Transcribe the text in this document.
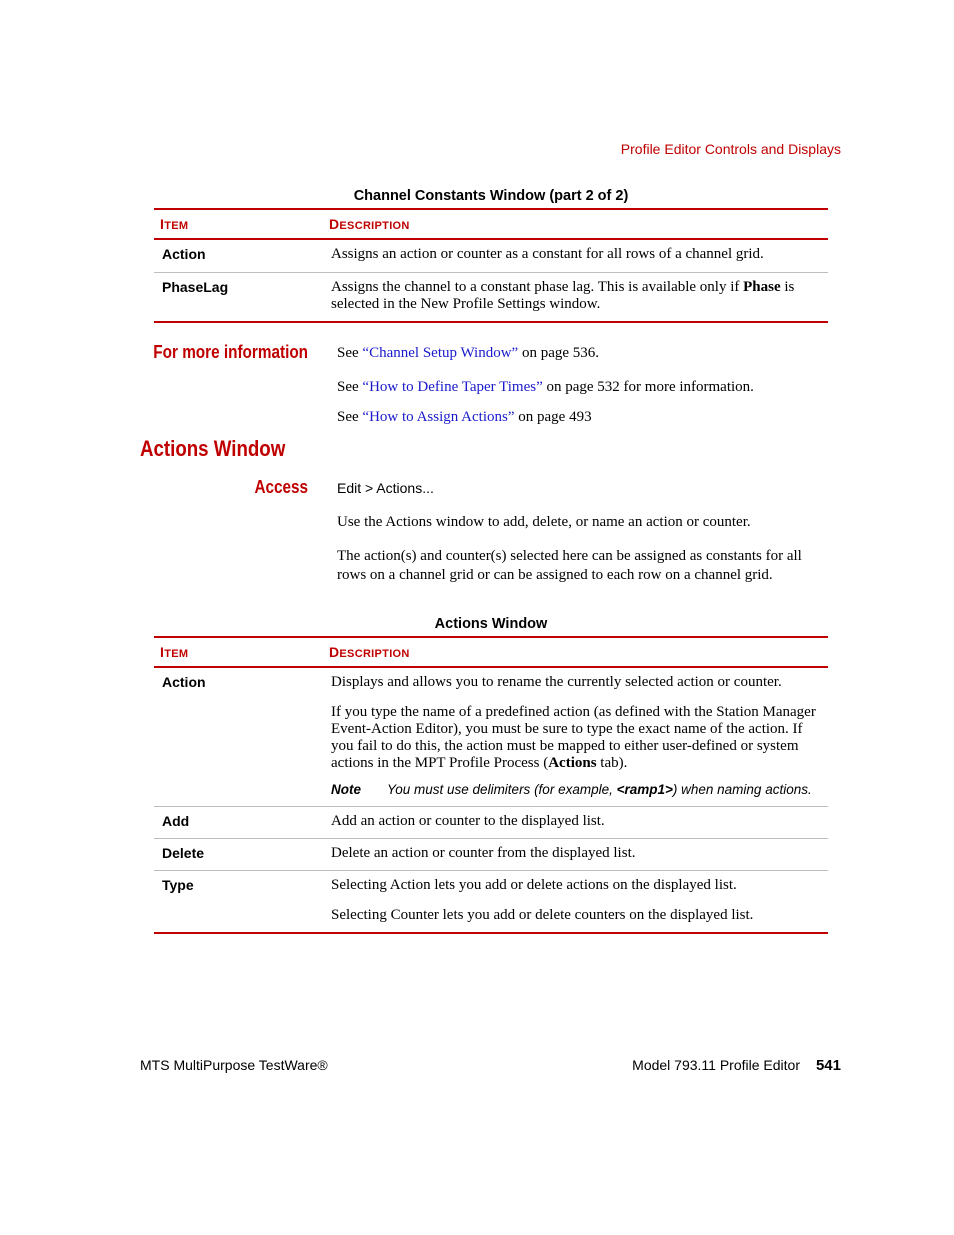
Profile Editor Controls and Displays
Channel Constants Window (part 2 of 2)
ITEM	DESCRIPTION
Action	Assigns an action or counter as a constant for all rows of a channel grid.
PhaseLag	Assigns the channel to a constant phase lag. This is available only if Phase is selected in the New Profile Settings window.
For more information See “Channel Setup Window” on page 536.
See “How to Define Taper Times” on page 532 for more information.
See “How to Assign Actions” on page 493
Actions Window
Access Edit > Actions...
Use the Actions window to add, delete, or name an action or counter.
The action(s) and counter(s) selected here can be assigned as constants for all rows on a channel grid or can be assigned to each row on a channel grid.
Actions Window
ITEM	DESCRIPTION
Action	Displays and allows you to rename the currently selected action or counter.

If you type the name of a predefined action (as defined with the Station Manager Event-Action Editor), you must be sure to type the exact name of the action. If you fail to do this, the action must be mapped to either user-defined or system actions in the MPT Profile Process (Actions tab).

Note You must use delimiters (for example, <ramp1>) when naming actions.

Add	Add an action or counter to the displayed list.
Delete	Delete an action or counter from the displayed list.
Type	Selecting Action lets you add or delete actions on the displayed list.

Selecting Counter lets you add or delete counters on the displayed list.

MTS MultiPurpose TestWare®	Model 793.11 Profile Editor 541
